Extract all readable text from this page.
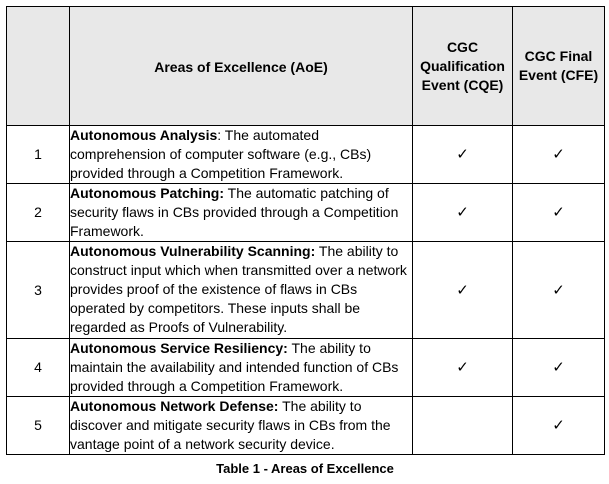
	Areas of Excellence (AoE)	CGC Qualification Event (CQE)	CGC Final Event (CFE)
1	Autonomous Analysis: The automated comprehension of computer software (e.g., CBs) provided through a Competition Framework.	✓	✓
2	Autonomous Patching: The automatic patching of security flaws in CBs provided through a Competition Framework.	✓	✓
3	Autonomous Vulnerability Scanning: The ability to construct input which when transmitted over a network provides proof of the existence of flaws in CBs operated by competitors. These inputs shall be regarded as Proofs of Vulnerability.	✓	✓
4	Autonomous Service Resiliency: The ability to maintain the availability and intended function of CBs provided through a Competition Framework.	✓	✓
5	Autonomous Network Defense: The ability to discover and mitigate security flaws in CBs from the vantage point of a network security device.		✓
Table 1 - Areas of Excellence
